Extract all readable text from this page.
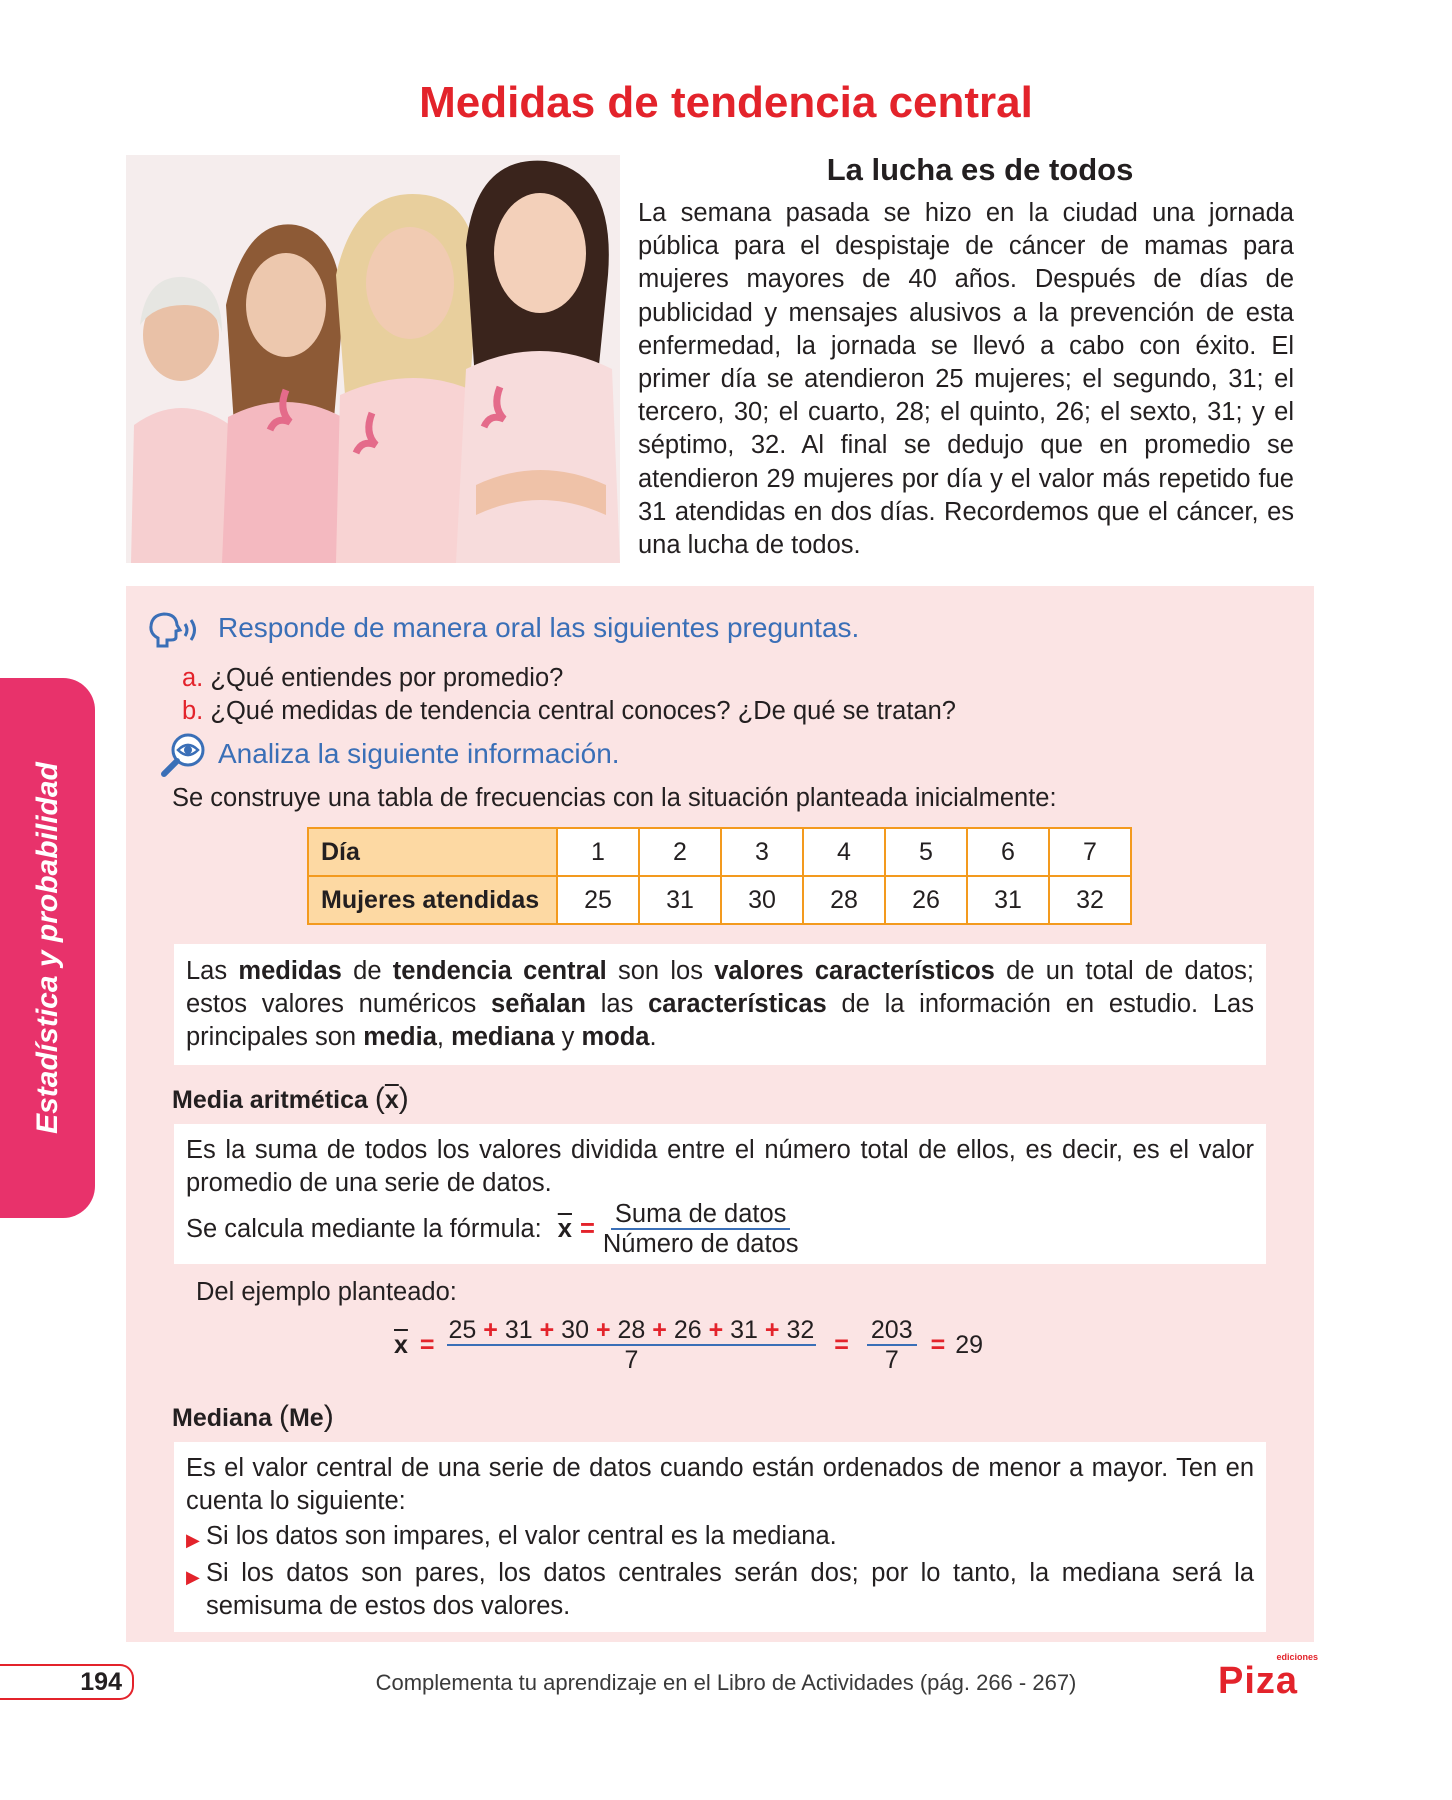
Medidas de tendencia central
La lucha es de todos
La semana pasada se hizo en la ciudad una jornada pública para el despistaje de cáncer de mamas para mujeres mayores de 40 años. Después de días de publicidad y mensajes alusivos a la prevención de esta enfermedad, la jornada se llevó a cabo con éxito. El primer día se atendieron 25 mujeres; el segundo, 31; el tercero, 30; el cuarto, 28; el quinto, 26; el sexto, 31; y el séptimo, 32. Al final se dedujo que en promedio se atendieron 29 mujeres por día y el valor más repetido fue 31 atendidas en dos días. Recordemos que el cáncer, es una lucha de todos.
Estadística y probabilidad
Responde de manera oral las siguientes preguntas.
a. ¿Qué entiendes por promedio?
b. ¿Qué medidas de tendencia central conoces? ¿De qué se tratan?
Analiza la siguiente información.
Se construye una tabla de frecuencias con la situación planteada inicialmente:
Día	1	2	3	4	5	6	7
Mujeres atendidas	25	31	30	28	26	31	32
Las medidas de tendencia central son los valores característicos de un total de datos; estos valores numéricos señalan las características de la información en estudio. Las principales son media, mediana y moda.
Media aritmética $(\overline{x})$
Es la suma de todos los valores dividida entre el número total de ellos, es decir, es el valor promedio de una serie de datos.
Se calcula mediante la fórmula: $\overline{x} = \frac{\text{Suma de datos}}{\text{Número de datos}}$
Del ejemplo planteado:
$\overline{x}$ =
25 + 31 + 30 + 28 + 26 + 31 + 32
7
= $\frac{203}{7} = 29$
Mediana (Me)
Es el valor central de una serie de datos cuando están ordenados de menor a mayor. Ten en cuenta lo siguiente:
▶ Si los datos son impares, el valor central es la mediana.
▶ Si los datos son pares, los datos centrales serán dos; por lo tanto, la mediana será la semisuma de estos dos valores.
194	Complementa tu aprendizaje en el Libro de Actividades (pág. 266 - 267)
ediciones
Piza
